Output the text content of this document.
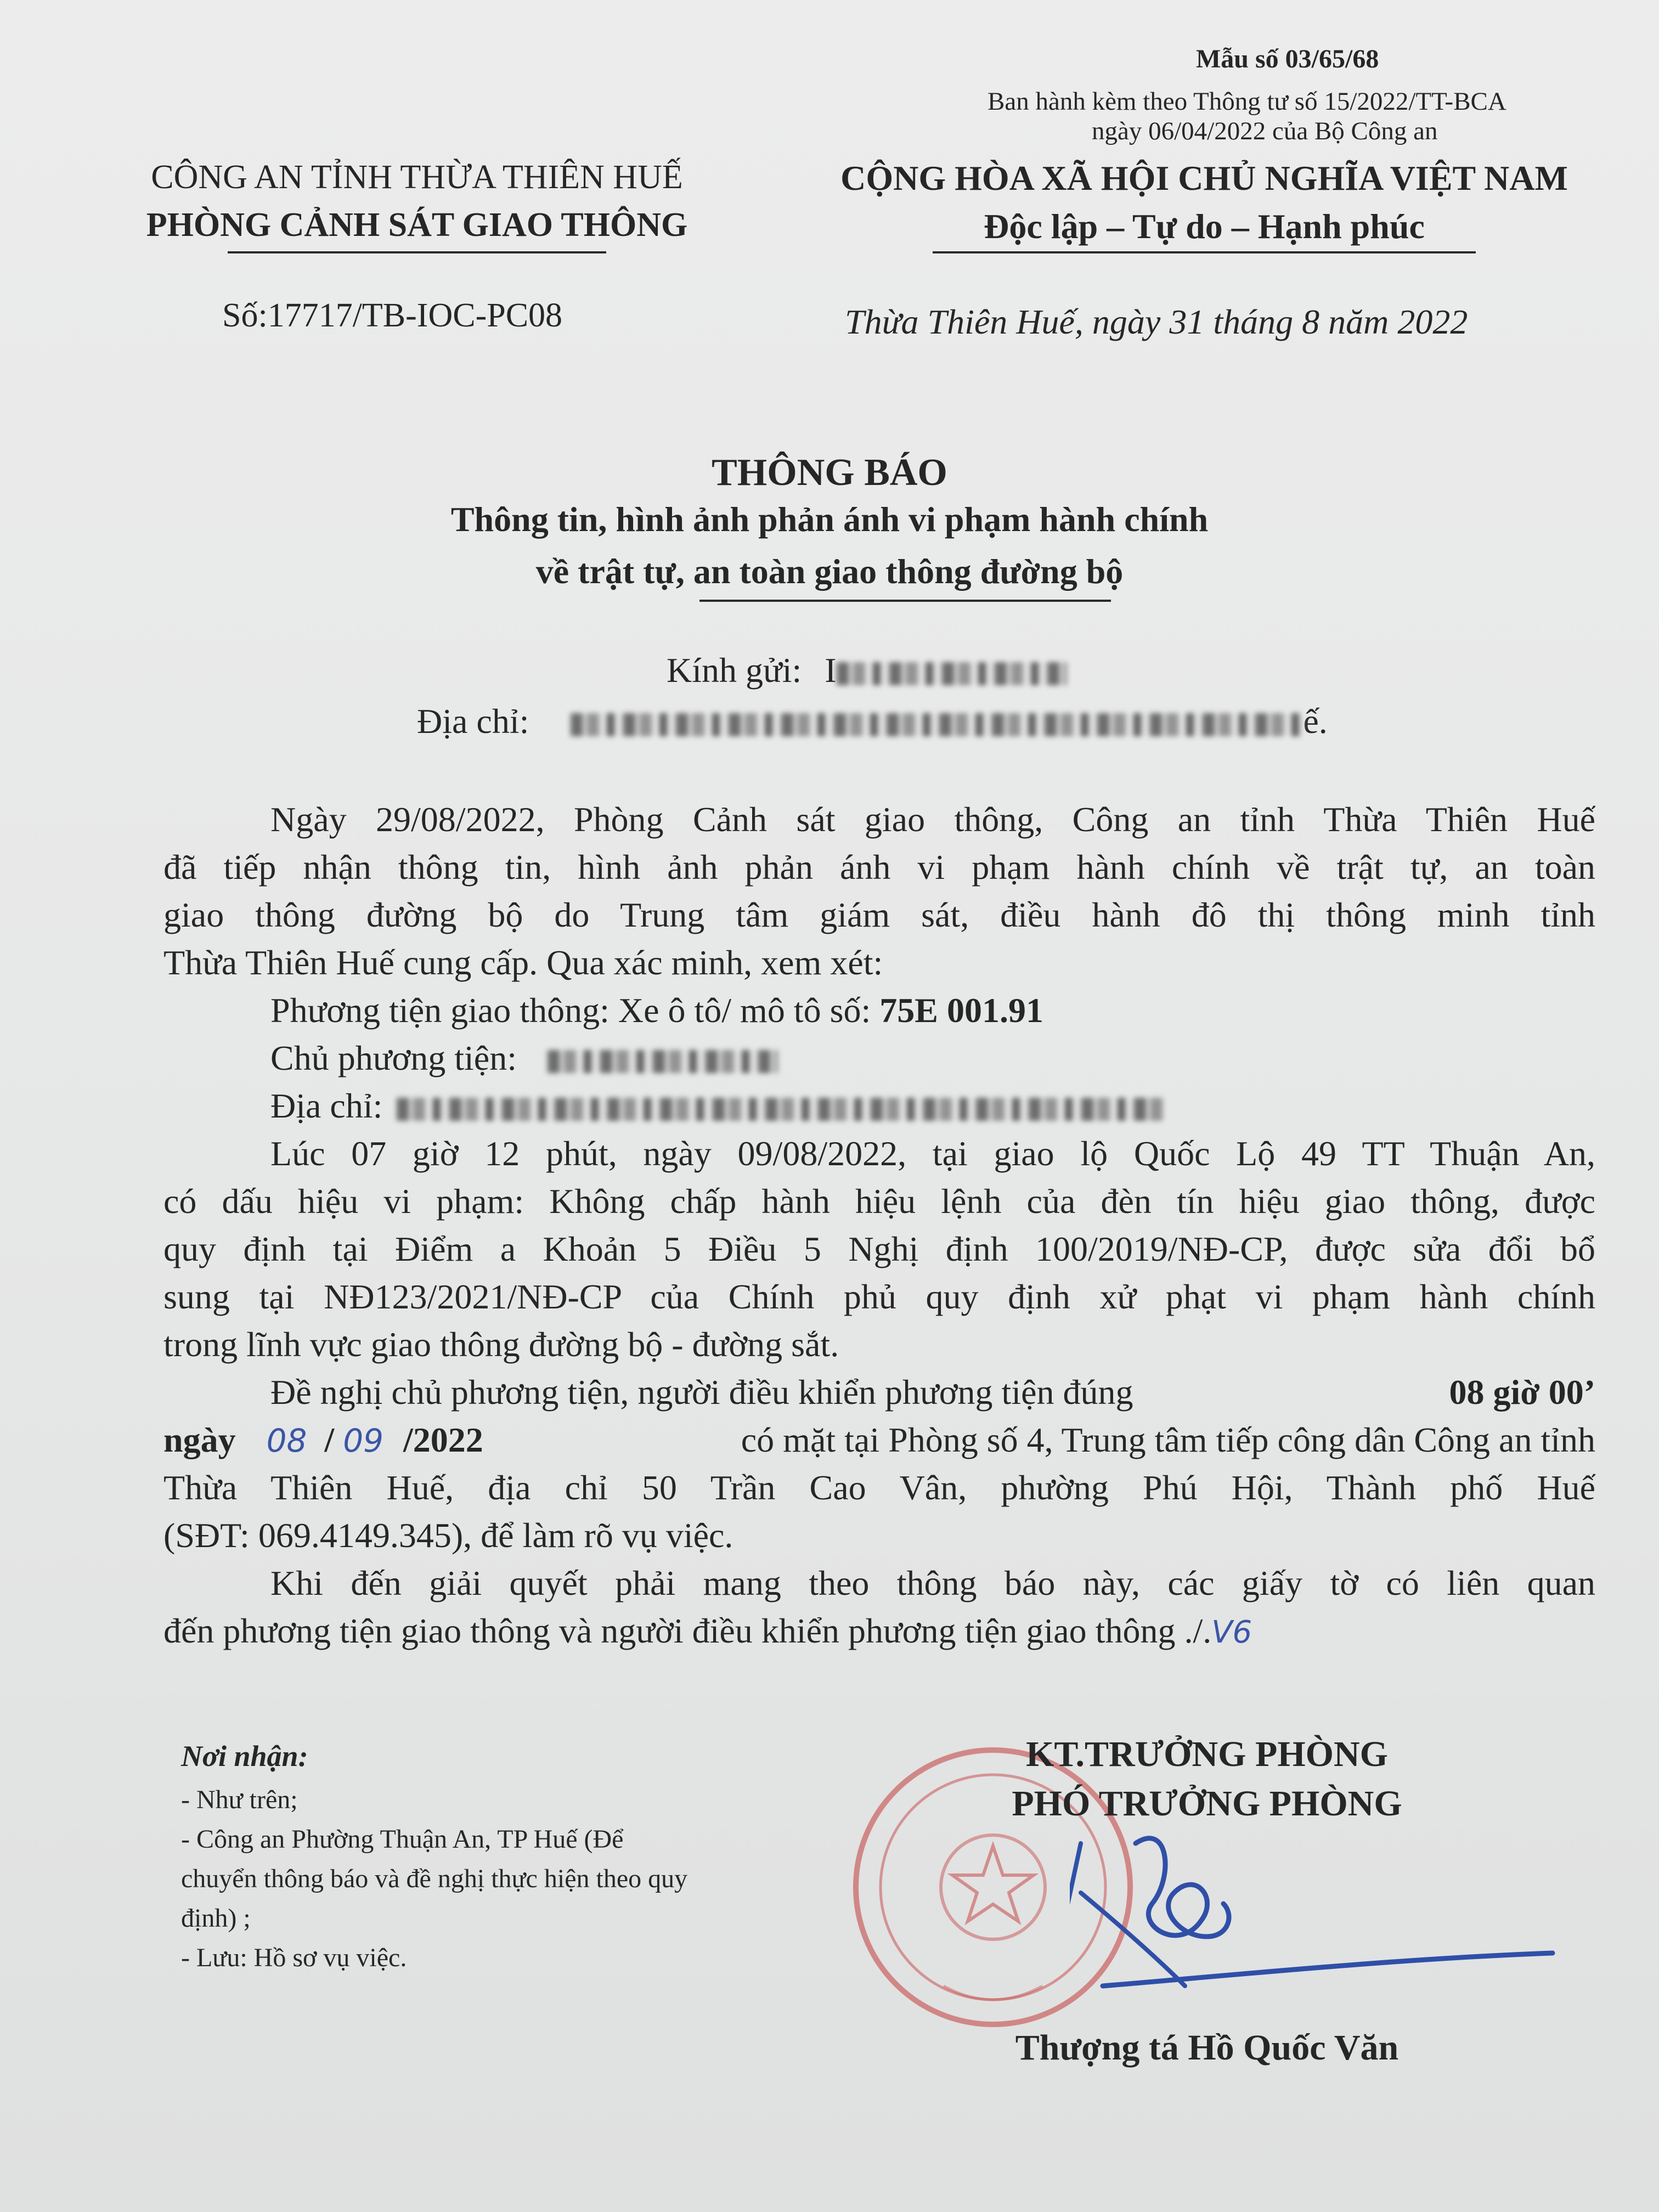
Mẫu số 03/65/68
Ban hành kèm theo Thông tư số 15/2022/TT-BCA
ngày 06/04/2022 của Bộ Công an
CÔNG AN TỈNH THỪA THIÊN HUẾ
PHÒNG CẢNH SÁT GIAO THÔNG
Số:17717/TB-IOC-PC08
CỘNG HÒA XÃ HỘI CHỦ NGHĨA VIỆT NAM
Độc lập – Tự do – Hạnh phúc
Thừa Thiên Huế, ngày 31 tháng 8 năm 2022
THÔNG BÁO
Thông tin, hình ảnh phản ánh vi phạm hành chính
về trật tự, an toàn giao thông đường bộ
Kính gửi: I
Địa chỉ:	ế.
Ngày 29/08/2022, Phòng Cảnh sát giao thông, Công an tỉnh Thừa Thiên Huế
đã tiếp nhận thông tin, hình ảnh phản ánh vi phạm hành chính về trật tự, an toàn
giao thông đường bộ do Trung tâm giám sát, điều hành đô thị thông minh tỉnh
Thừa Thiên Huế cung cấp. Qua xác minh, xem xét:
Phương tiện giao thông: Xe ô tô/ mô tô số: 75E 001.91
Chủ phương tiện:
Địa chỉ:
Lúc 07 giờ 12 phút, ngày 09/08/2022, tại giao lộ Quốc Lộ 49 TT Thuận An,
có dấu hiệu vi phạm: Không chấp hành hiệu lệnh của đèn tín hiệu giao thông, được
quy định tại Điểm a Khoản 5 Điều 5 Nghị định 100/2019/NĐ-CP, được sửa đổi bổ
sung tại NĐ123/2021/NĐ-CP của Chính phủ quy định xử phạt vi phạm hành chính
trong lĩnh vực giao thông đường bộ - đường sắt.
Đề nghị chủ phương tiện, người điều khiển phương tiện đúng	08 giờ 00’
ngày 08 / 09 /2022	có mặt tại Phòng số 4, Trung tâm tiếp công dân Công an tỉnh
Thừa Thiên Huế, địa chỉ 50 Trần Cao Vân, phường Phú Hội, Thành phố Huế
(SĐT: 069.4149.345), để làm rõ vụ việc.
Khi đến giải quyết phải mang theo thông báo này, các giấy tờ có liên quan
đến phương tiện giao thông và người điều khiển phương tiện giao thông ./.V6
Nơi nhận:
- Như trên;
- Công an Phường Thuận An, TP Huế (Để
chuyển thông báo và đề nghị thực hiện theo quy
định) ;
- Lưu: Hồ sơ vụ việc.
KT.TRƯỞNG PHÒNG
PHÓ TRƯỞNG PHÒNG
Thượng tá Hồ Quốc Văn
